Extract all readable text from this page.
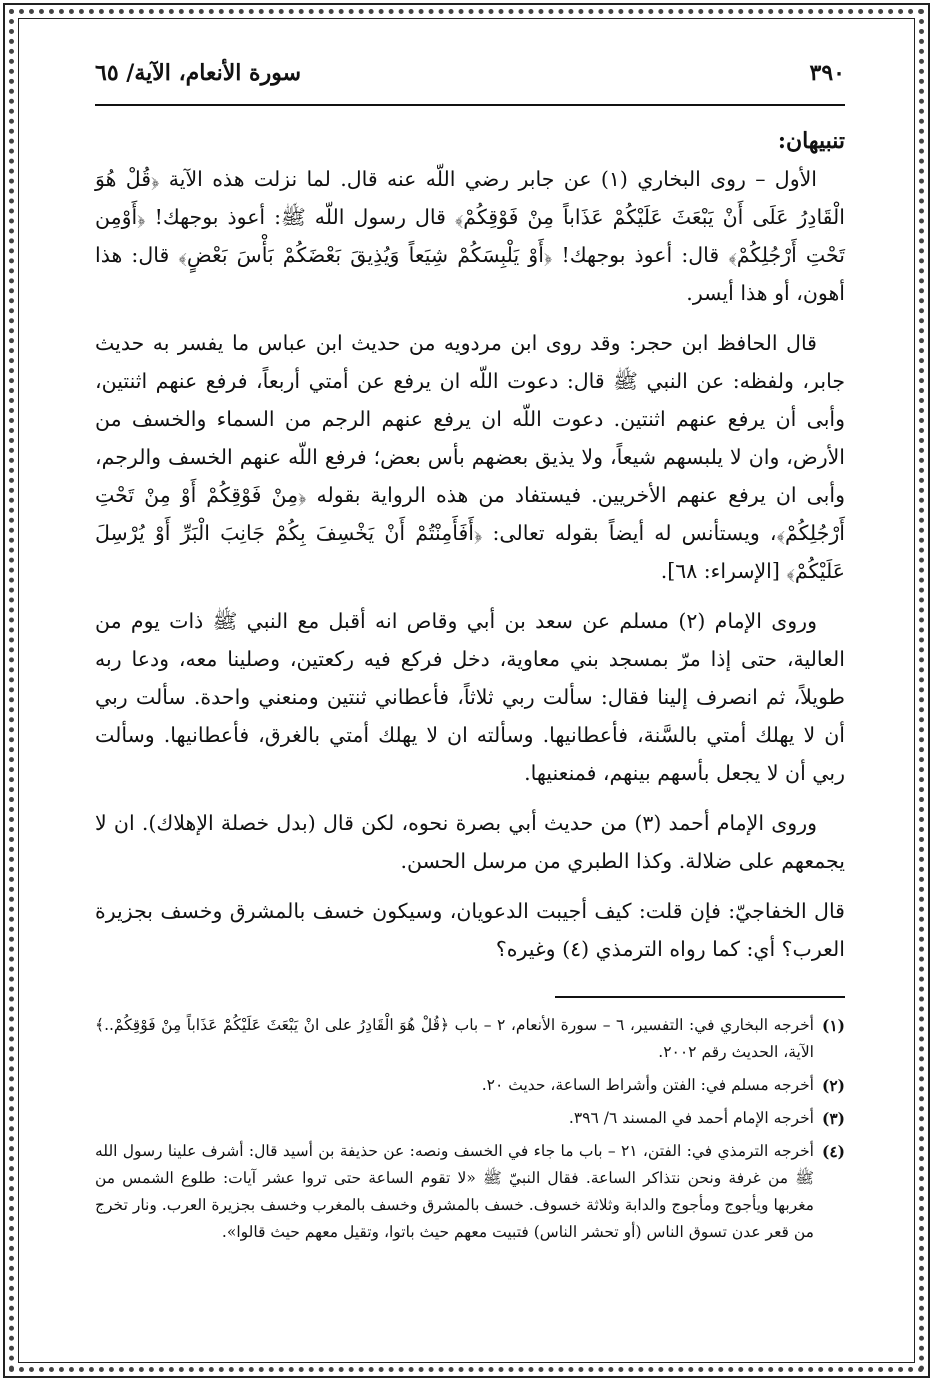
٣٩٠
سورة الأنعام، الآية/ ٦٥
تنبيهان:

الأول – روى البخاري (١) عن جابر رضي اللّه عنه قال. لما نزلت هذه الآية ﴿قُلْ هُوَ الْقَادِرُ عَلَى أَنْ يَبْعَثَ عَلَيْكُمْ عَذَاباً مِنْ فَوْقِكُمْ﴾ قال رسول اللّه ﷺ: أعوذ بوجهك! ﴿أَوْمِن تَحْتِ أَرْجُلِكُمْ﴾ قال: أعوذ بوجهك! ﴿أَوْ يَلْبِسَكُمْ شِيَعاً وَيُذِيقَ بَعْضَكُمْ بَأْسَ بَعْضٍ﴾ قال: هذا أهون، أو هذا أيسر.

قال الحافظ ابن حجر: وقد روى ابن مردويه من حديث ابن عباس ما يفسر به حديث جابر، ولفظه: عن النبي ﷺ قال: دعوت اللّه ان يرفع عن أمتي أربعاً، فرفع عنهم اثنتين، وأبى أن يرفع عنهم اثنتين. دعوت اللّه ان يرفع عنهم الرجم من السماء والخسف من الأرض، وان لا يلبسهم شيعاً، ولا يذيق بعضهم بأس بعض؛ فرفع اللّه عنهم الخسف والرجم، وأبى ان يرفع عنهم الأخريين. فيستفاد من هذه الرواية بقوله ﴿مِنْ فَوْقِكُمْ أَوْ مِنْ تَحْتِ أَرْجُلِكُمْ﴾، ويستأنس له أيضاً بقوله تعالى: ﴿أَفَأَمِنْتُمْ أَنْ يَخْسِفَ بِكُمْ جَانِبَ الْبَرِّ أَوْ يُرْسِلَ عَلَيْكُمْ﴾ [الإسراء: ٦٨].

وروى الإمام (٢) مسلم عن سعد بن أبي وقاص انه أقبل مع النبي ﷺ ذات يوم من العالية، حتى إذا مرّ بمسجد بني معاوية، دخل فركع فيه ركعتين، وصلينا معه، ودعا ربه طويلاً، ثم انصرف إلينا فقال: سألت ربي ثلاثاً، فأعطاني ثنتين ومنعني واحدة. سألت ربي أن لا يهلك أمتي بالسَّنة، فأعطانيها. وسألته ان لا يهلك أمتي بالغرق، فأعطانيها. وسألت ربي أن لا يجعل بأسهم بينهم، فمنعنيها.

وروى الإمام أحمد (٣) من حديث أبي بصرة نحوه، لكن قال (بدل خصلة الإهلاك). ان لا يجمعهم على ضلالة. وكذا الطبري من مرسل الحسن.

قال الخفاجيّ: فإن قلت: كيف أجيبت الدعويان، وسيكون خسف بالمشرق وخسف بجزيرة العرب؟ أي: كما رواه الترمذي (٤) وغيره؟

(١)
أخرجه البخاري في: التفسير، ٦ – سورة الأنعام، ٢ – باب ﴿قُلْ هُوَ الْقَادِرُ على انْ يَبْعَثَ عَلَيْكُمْ عَذَاباً مِنْ فَوْقِكُمْ..﴾ الآية، الحديث رقم ٢٠٠٢.
(٢)
أخرجه مسلم في: الفتن وأشراط الساعة، حديث ٢٠.
(٣)
أخرجه الإمام أحمد في المسند ٦/ ٣٩٦.
(٤)
أخرجه الترمذي في: الفتن، ٢١ – باب ما جاء في الخسف ونصه: عن حذيفة بن أسيد قال: أشرف علينا رسول الله ﷺ من غرفة ونحن نتذاكر الساعة. فقال النبيّ ﷺ «لا تقوم الساعة حتى تروا عشر آيات: طلوع الشمس من مغربها ويأجوج ومأجوج والدابة وثلاثة خسوف. خسف بالمشرق وخسف بالمغرب وخسف بجزيرة العرب. ونار تخرج من قعر عدن تسوق الناس (أو تحشر الناس) فتبيت معهم حيث باتوا، وتقيل معهم حيث قالوا».
